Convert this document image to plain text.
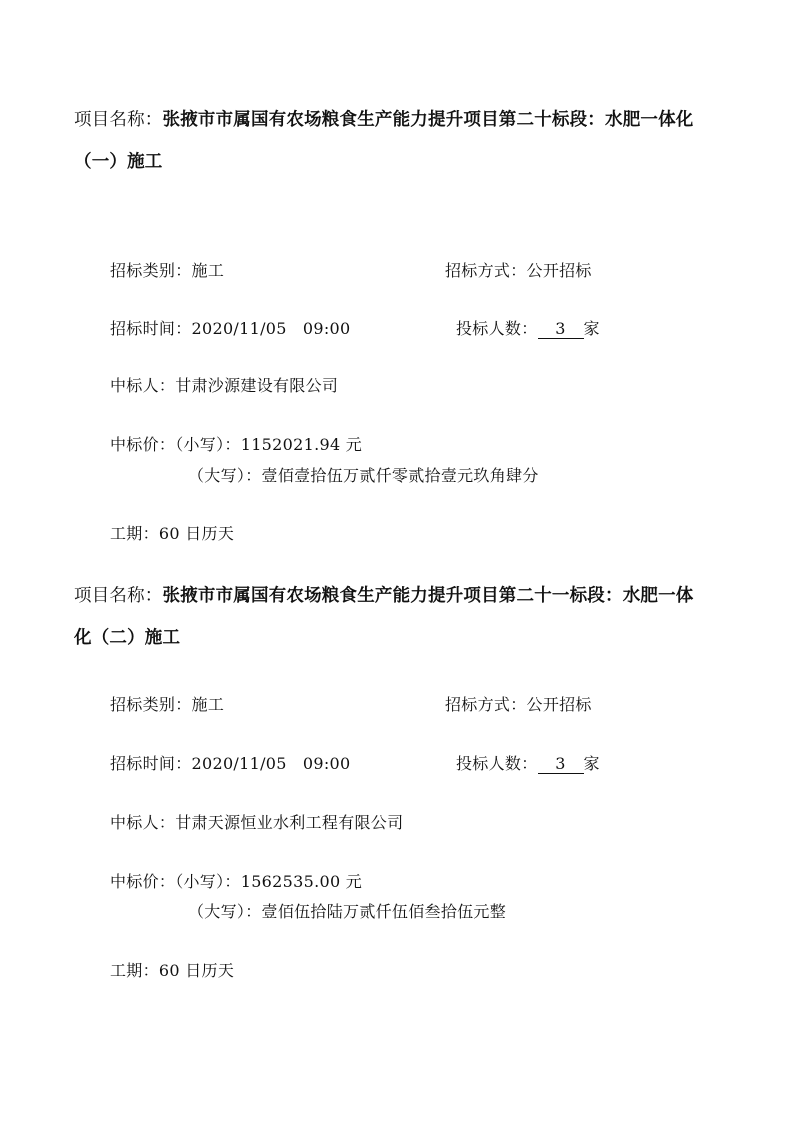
项目名称：张掖市市属国有农场粮食生产能力提升项目第二十标段：水肥一体化
（一）施工
招标类别：施工	招标方式：公开招标
招标时间：2020/11/05   09:00	投标人数： 3 家
中标人：甘肃沙源建设有限公司
中标价：（小写）：1152021.94 元
（大写）：壹佰壹拾伍万贰仟零贰拾壹元玖角肆分
工期：60 日历天
项目名称：张掖市市属国有农场粮食生产能力提升项目第二十一标段：水肥一体
化（二）施工
招标类别：施工	招标方式：公开招标
招标时间：2020/11/05   09:00	投标人数： 3 家
中标人：甘肃天源恒业水利工程有限公司
中标价：（小写）：1562535.00 元
（大写）：壹佰伍拾陆万贰仟伍佰叁拾伍元整
工期：60 日历天
